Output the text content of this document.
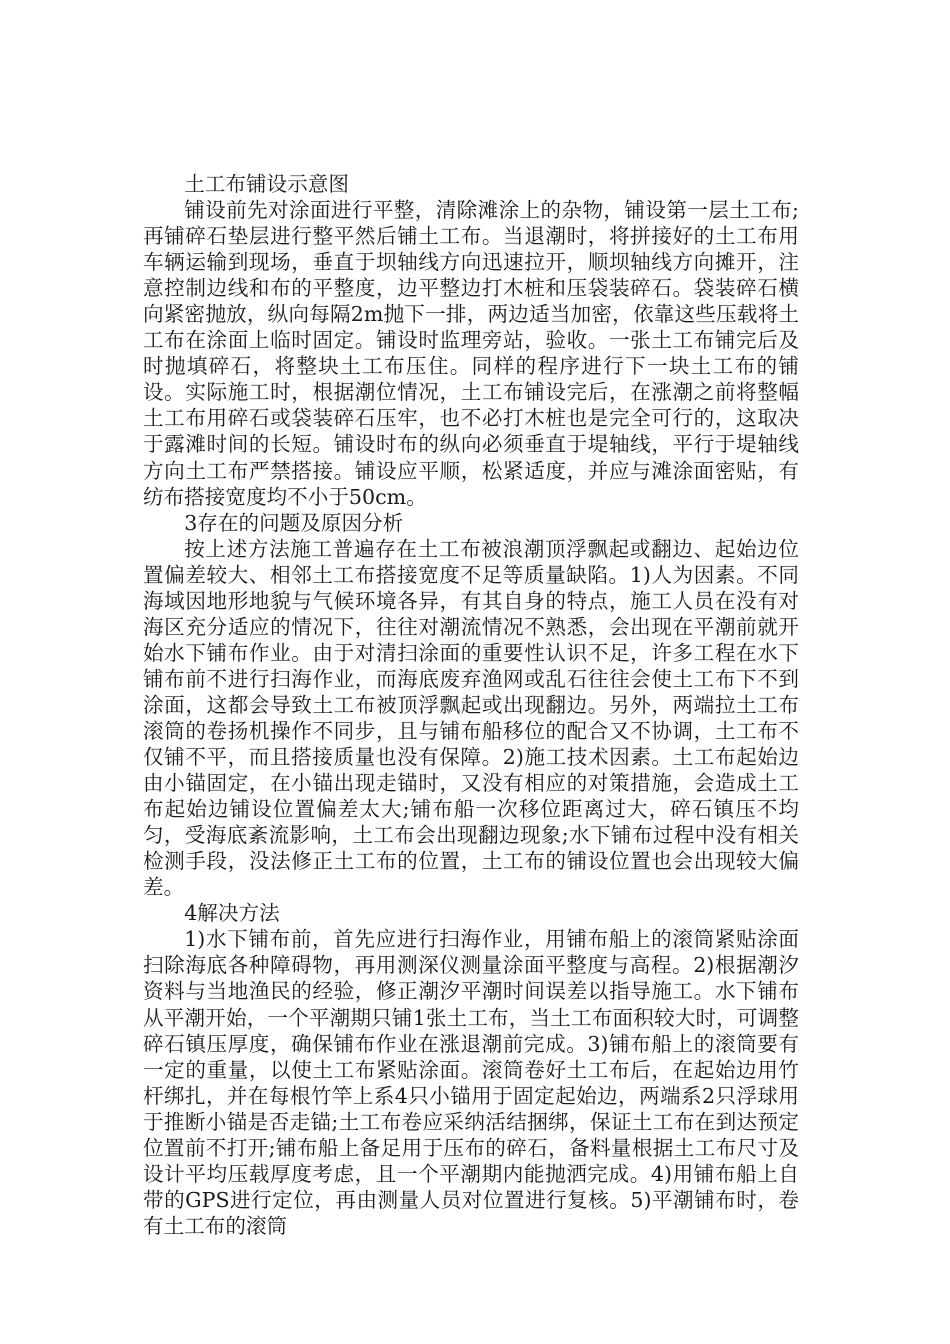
土工布铺设示意图

铺设前先对涂面进行平整，清除滩涂上的杂物，铺设第一层土工布;再铺碎石垫层进行整平然后铺土工布。当退潮时，将拼接好的土工布用车辆运输到现场，垂直于坝轴线方向迅速拉开，顺坝轴线方向摊开，注意控制边线和布的平整度，边平整边打木桩和压袋装碎石。袋装碎石横向紧密抛放，纵向每隔2m抛下一排，两边适当加密，依靠这些压载将土工布在涂面上临时固定。铺设时监理旁站，验收。一张土工布铺完后及时抛填碎石，将整块土工布压住。同样的程序进行下一块土工布的铺设。实际施工时，根据潮位情况，土工布铺设完后，在涨潮之前将整幅土工布用碎石或袋装碎石压牢，也不必打木桩也是完全可行的，这取决于露滩时间的长短。铺设时布的纵向必须垂直于堤轴线，平行于堤轴线方向土工布严禁搭接。铺设应平顺，松紧适度，并应与滩涂面密贴，有纺布搭接宽度均不小于50cm。

3存在的问题及原因分析

按上述方法施工普遍存在土工布被浪潮顶浮飘起或翻边、起始边位置偏差较大、相邻土工布搭接宽度不足等质量缺陷。1)人为因素。不同海域因地形地貌与气候环境各异，有其自身的特点，施工人员在没有对海区充分适应的情况下，往往对潮流情况不熟悉，会出现在平潮前就开始水下铺布作业。由于对清扫涂面的重要性认识不足，许多工程在水下铺布前不进行扫海作业，而海底废弃渔网或乱石往往会使土工布下不到涂面，这都会导致土工布被顶浮飘起或出现翻边。另外，两端拉土工布滚筒的卷扬机操作不同步，且与铺布船移位的配合又不协调，土工布不仅铺不平，而且搭接质量也没有保障。2)施工技术因素。土工布起始边由小锚固定，在小锚出现走锚时，又没有相应的对策措施，会造成土工布起始边铺设位置偏差太大;铺布船一次移位距离过大，碎石镇压不均匀，受海底紊流影响，土工布会出现翻边现象;水下铺布过程中没有相关检测手段，没法修正土工布的位置，土工布的铺设位置也会出现较大偏差。

4解决方法

1)水下铺布前，首先应进行扫海作业，用铺布船上的滚筒紧贴涂面扫除海底各种障碍物，再用测深仪测量涂面平整度与高程。2)根据潮汐资料与当地渔民的经验，修正潮汐平潮时间误差以指导施工。水下铺布从平潮开始，一个平潮期只铺1张土工布，当土工布面积较大时，可调整碎石镇压厚度，确保铺布作业在涨退潮前完成。3)铺布船上的滚筒要有一定的重量，以使土工布紧贴涂面。滚筒卷好土工布后，在起始边用竹杆绑扎，并在每根竹竿上系4只小锚用于固定起始边，两端系2只浮球用于推断小锚是否走锚;土工布卷应采纳活结捆绑，保证土工布在到达预定位置前不打开;铺布船上备足用于压布的碎石，备料量根据土工布尺寸及设计平均压载厚度考虑，且一个平潮期内能抛洒完成。4)用铺布船上自带的GPS进行定位，再由测量人员对位置进行复核。5)平潮铺布时，卷有土工布的滚筒
